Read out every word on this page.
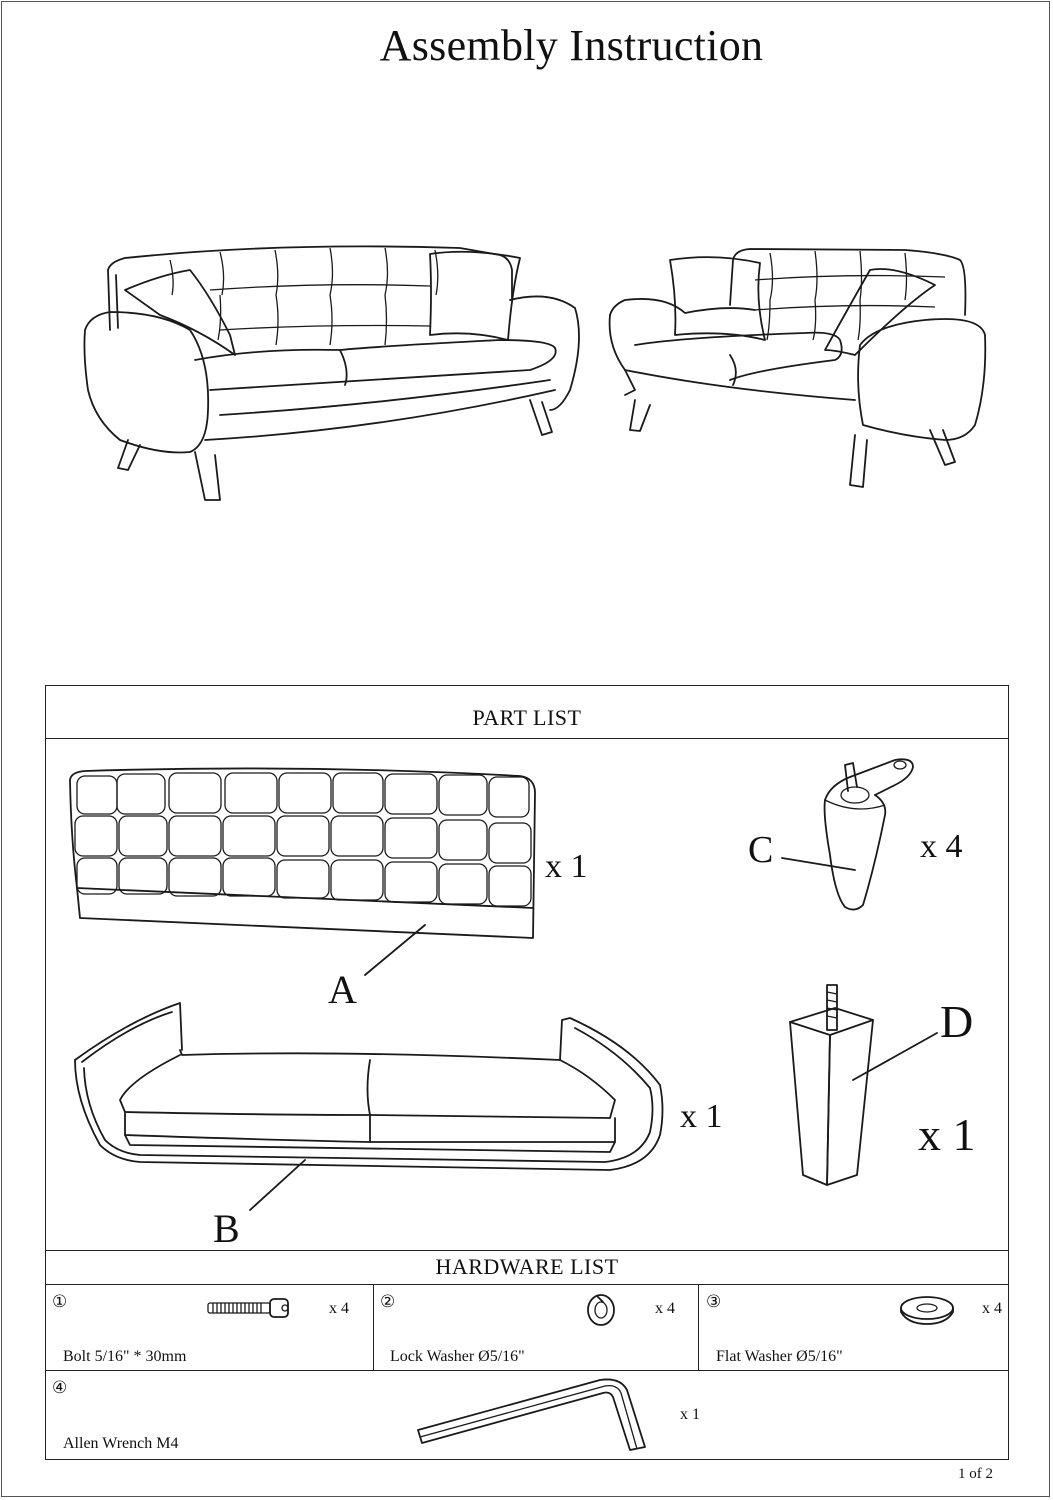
Assembly Instruction
PART LIST
A
x 1
B
x 1
C	x 4
D
x 1
HARDWARE LIST
①	x 4
Bolt 5/16" * 30mm
②	x 4
Lock Washer Ø5/16"
③	x 4
Flat Washer Ø5/16"
④
x 1
Allen Wrench M4
1 of 2
